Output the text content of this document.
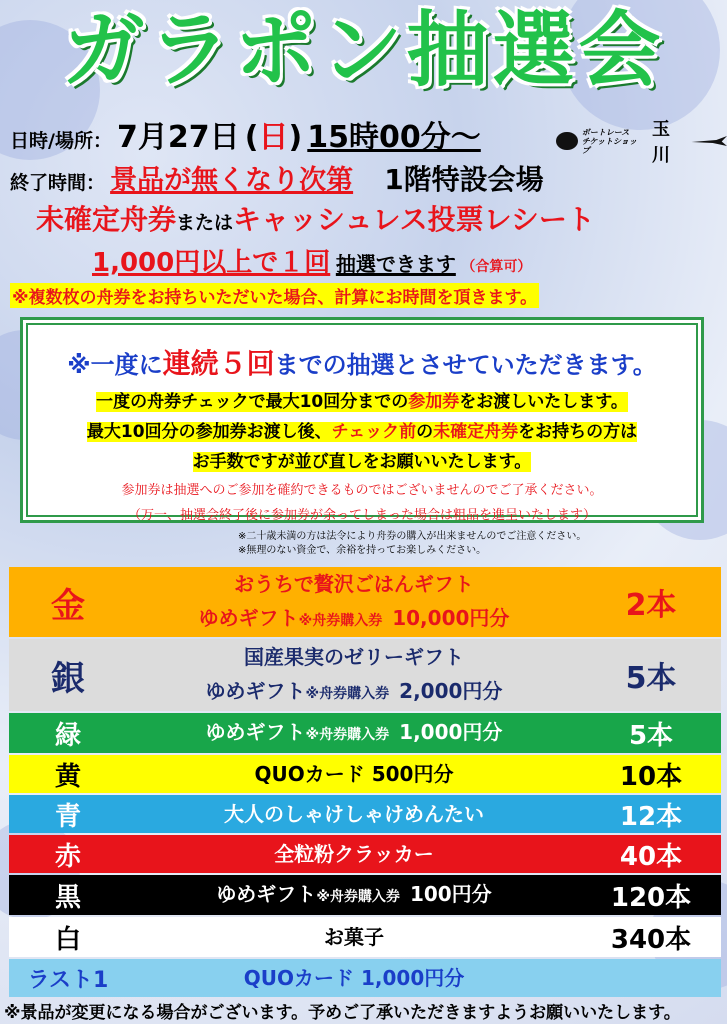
ガラポン抽選会
日時/場所： 7月27日 (日) 15時00分～	ボートレース
チケットショップ
玉川
終了時間： 景品が無くなり次第 1階特設会場
未確定舟券またはキャッシュレス投票レシート
1,000円以上で１回 抽選できます （合算可）
※複数枚の舟券をお持ちいただいた場合、計算にお時間を頂きます。
※一度に連続５回までの抽選とさせていただきます。
一度の舟券チェックで最大10回分までの参加券をお渡しいたします。
最大10回分の参加券お渡し後、チェック前の未確定舟券をお持ちの方は
お手数ですが並び直しをお願いいたします。
参加券は抽選へのご参加を確約できるものではございませんのでご了承ください。
（万一、抽選会終了後に参加券が余ってしまった場合は粗品を進呈いたします）
※二十歳未満の方は法令により舟券の購入が出来ませんのでご注意ください。
※無理のない資金で、余裕を持ってお楽しみください。
金
おうちで贅沢ごはんギフト
ゆめギフト※舟券購入券 10,000円分	2本
銀
国産果実のゼリーギフト
ゆめギフト※舟券購入券 2,000円分	5本
緑	ゆめギフト※舟券購入券 1,000円分	5本
黄	QUOカード 500円分	10本
青	大人のしゃけしゃけめんたい	12本
赤	全粒粉クラッカー	40本
黒	ゆめギフト※舟券購入券 100円分	120本
白	お菓子	340本
ラスト1	QUOカード 1,000円分
※景品が変更になる場合がございます。予めご了承いただきますようお願いいたします。
